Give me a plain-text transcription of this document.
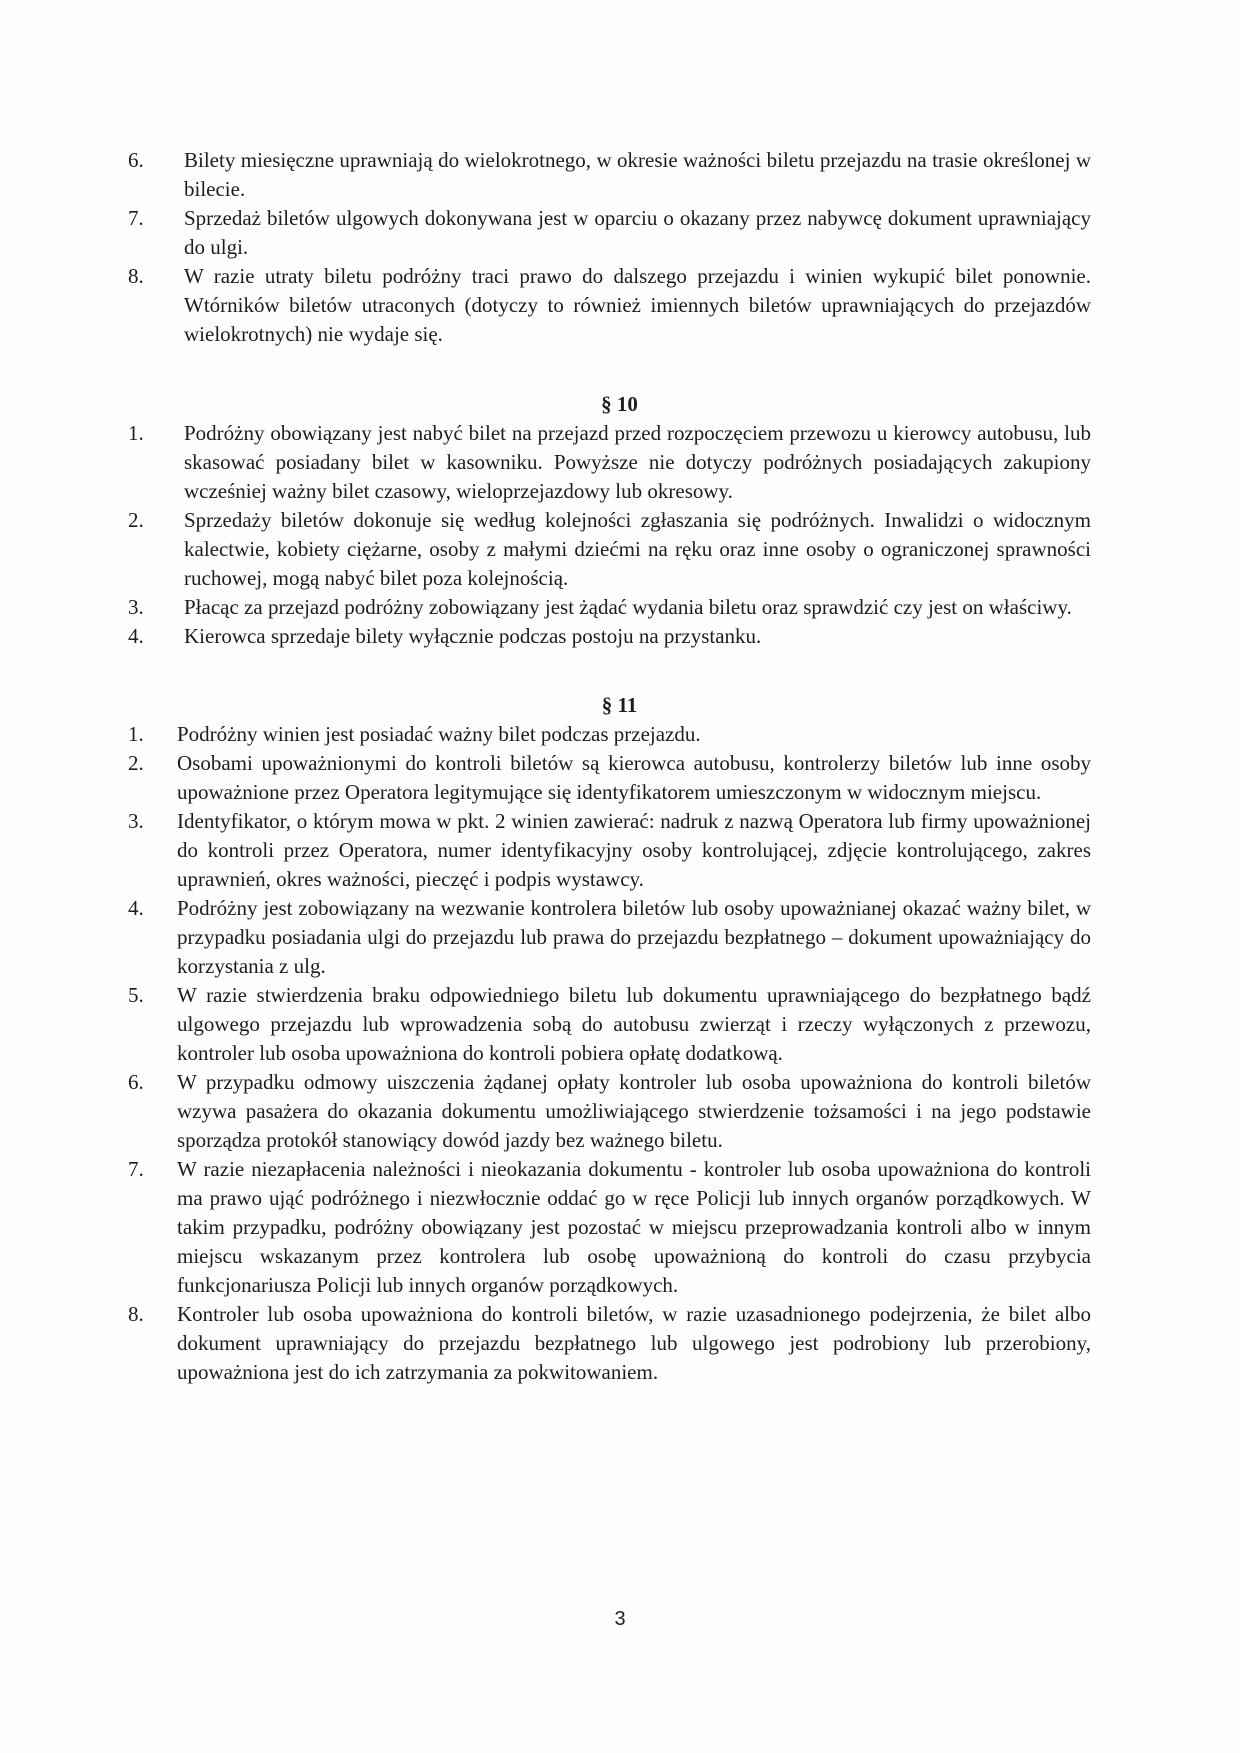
6.	Bilety miesięczne uprawniają do wielokrotnego, w okresie ważności biletu przejazdu na trasie określonej w bilecie.
7.	Sprzedaż biletów ulgowych dokonywana jest w oparciu o okazany przez nabywcę dokument uprawniający do ulgi.
8.	W razie utraty biletu podróżny traci prawo do dalszego przejazdu i winien wykupić bilet ponownie. Wtórników biletów utraconych (dotyczy to również imiennych biletów uprawniających do przejazdów wielokrotnych) nie wydaje się.
§ 10
1.	Podróżny obowiązany jest nabyć bilet na przejazd przed rozpoczęciem przewozu u kierowcy autobusu, lub skasować posiadany bilet w kasowniku. Powyższe nie dotyczy podróżnych posiadających zakupiony wcześniej ważny bilet czasowy, wieloprzejazdowy lub okresowy.
2.	Sprzedaży biletów dokonuje się według kolejności zgłaszania się podróżnych. Inwalidzi o widocznym kalectwie, kobiety ciężarne, osoby z małymi dziećmi na ręku oraz inne osoby o ograniczonej sprawności ruchowej, mogą nabyć bilet poza kolejnością.
3.	Płacąc za przejazd podróżny zobowiązany jest żądać wydania biletu oraz sprawdzić czy jest on właściwy.
4.	Kierowca sprzedaje bilety wyłącznie podczas postoju na przystanku.
§ 11
1.	Podróżny winien jest posiadać ważny bilet podczas przejazdu.
2.	Osobami upoważnionymi do kontroli biletów są kierowca autobusu, kontrolerzy biletów lub inne osoby upoważnione przez Operatora legitymujące się identyfikatorem umieszczonym w widocznym miejscu.
3.	Identyfikator, o którym mowa w pkt. 2 winien zawierać: nadruk z nazwą Operatora lub firmy upoważnionej do kontroli przez Operatora, numer identyfikacyjny osoby kontrolującej, zdjęcie kontrolującego, zakres uprawnień, okres ważności, pieczęć i podpis wystawcy.
4.	Podróżny jest zobowiązany na wezwanie kontrolera biletów lub osoby upoważnianej okazać ważny bilet, w przypadku posiadania ulgi do przejazdu lub prawa do przejazdu bezpłatnego – dokument upoważniający do korzystania z ulg.
5.	W razie stwierdzenia braku odpowiedniego biletu lub dokumentu uprawniającego do bezpłatnego bądź ulgowego przejazdu lub wprowadzenia sobą do autobusu zwierząt i rzeczy wyłączonych z przewozu, kontroler lub osoba upoważniona do kontroli pobiera opłatę dodatkową.
6.	W przypadku odmowy uiszczenia żądanej opłaty kontroler lub osoba upoważniona do kontroli biletów wzywa pasażera do okazania dokumentu umożliwiającego stwierdzenie tożsamości i na jego podstawie sporządza protokół stanowiący dowód jazdy bez ważnego biletu.
7.	W razie niezapłacenia należności i nieokazania dokumentu - kontroler lub osoba upoważniona do kontroli ma prawo ująć podróżnego i niezwłocznie oddać go w ręce Policji lub innych organów porządkowych. W takim przypadku, podróżny obowiązany jest pozostać w miejscu przeprowadzania kontroli albo w innym miejscu wskazanym przez kontrolera lub osobę upoważnioną do kontroli do czasu przybycia funkcjonariusza Policji lub innych organów porządkowych.
8.	Kontroler lub osoba upoważniona do kontroli biletów, w razie uzasadnionego podejrzenia, że bilet albo dokument uprawniający do przejazdu bezpłatnego lub ulgowego jest podrobiony lub przerobiony, upoważniona jest do ich zatrzymania za pokwitowaniem.
3
